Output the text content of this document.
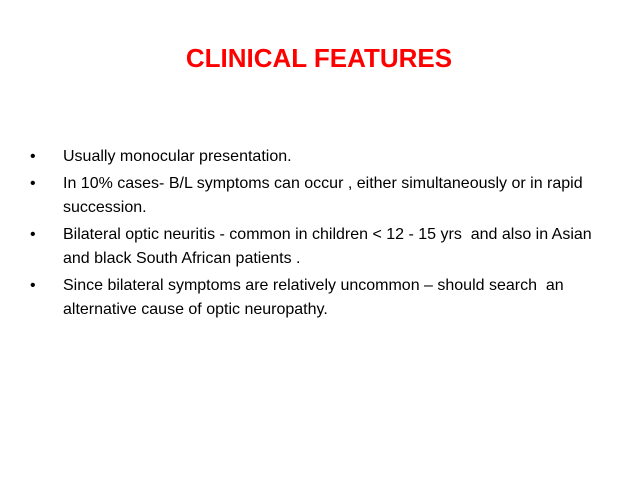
CLINICAL FEATURES
•	Usually monocular presentation.
•	In 10% cases- B/L symptoms can occur , either simultaneously or in rapid succession.
•	Bilateral optic neuritis - common in children < 12 - 15 yrs  and also in Asian and black South African patients .
•	Since bilateral symptoms are relatively uncommon – should search  an alternative cause of optic neuropathy.
